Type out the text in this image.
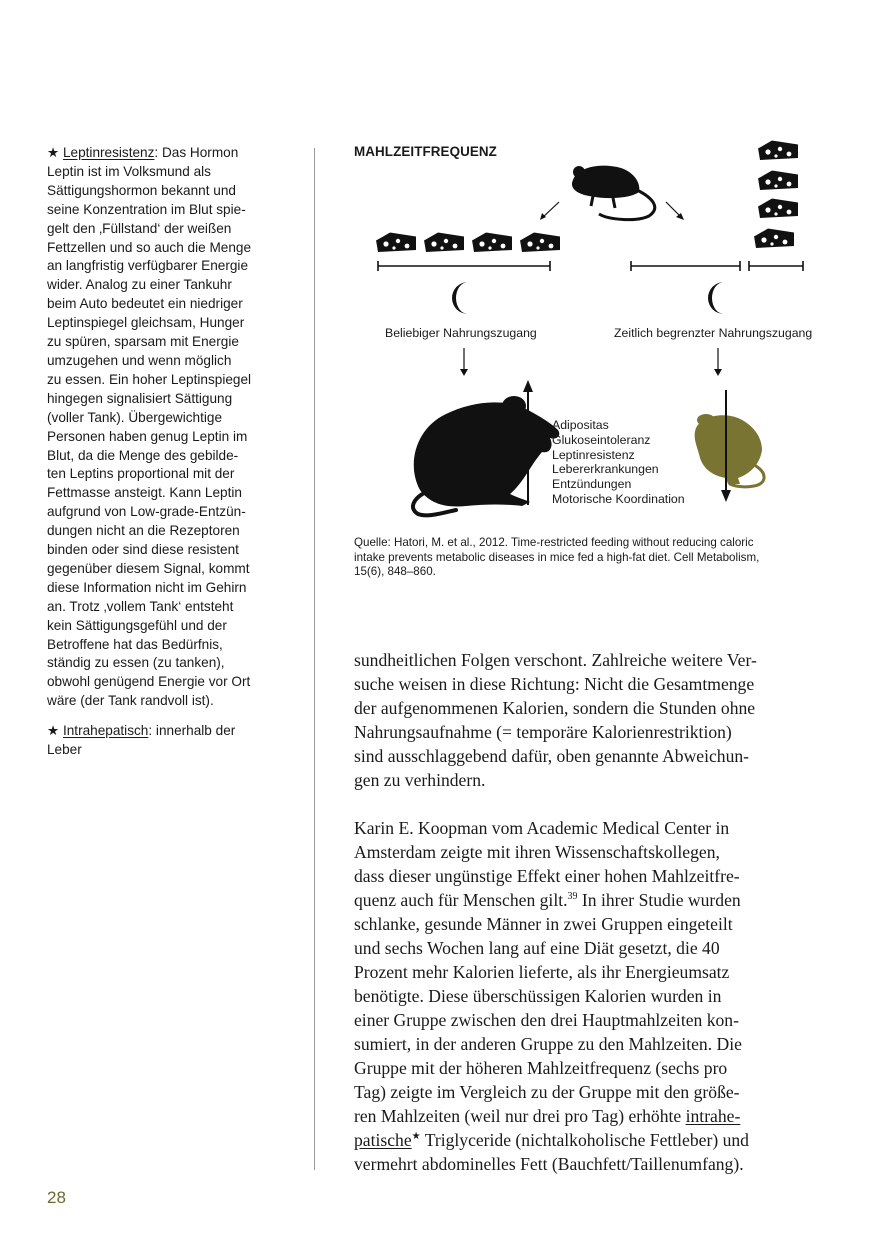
★ Leptinresistenz: Das Hormon
Leptin ist im Volksmund als
Sättigungshormon bekannt und
seine Konzentration im Blut spie-
gelt den ‚Füllstand‘ der weißen
Fettzellen und so auch die Menge
an langfristig verfügbarer Energie
wider. Analog zu einer Tankuhr
beim Auto bedeutet ein niedriger
Leptinspiegel gleichsam, Hunger
zu spüren, sparsam mit Energie
umzugehen und wenn möglich
zu essen. Ein hoher Leptinspiegel
hingegen signalisiert Sättigung
(voller Tank). Übergewichtige
Personen haben genug Leptin im
Blut, da die Menge des gebilde-
ten Leptins proportional mit der
Fettmasse ansteigt. Kann Leptin
aufgrund von Low-grade-Entzün-
dungen nicht an die Rezeptoren
binden oder sind diese resistent
gegenüber diesem Signal, kommt
diese Information nicht im Gehirn
an. Trotz ‚vollem Tank‘ entsteht
kein Sättigungsgefühl und der
Betroffene hat das Bedürfnis,
ständig zu essen (zu tanken),
obwohl genügend Energie vor Ort
wäre (der Tank randvoll ist).

★ Intrahepatisch: innerhalb der
Leber

MAHLZEITFREQUENZ
Beliebiger Nahrungszugang	Zeitlich begrenzter Nahrungszugang
Adipositas
Glukoseintoleranz
Leptinresistenz
Lebererkrankungen
Entzündungen
Motorische Koordination
Quelle: Hatori, M. et al., 2012. Time-restricted feeding without reducing caloric
intake prevents metabolic diseases in mice fed a high-fat diet. Cell Metabolism,
15(6), 848–860.
sundheitlichen Folgen verschont. Zahlreiche weitere Ver-
suche weisen in diese Richtung: Nicht die Gesamtmenge
der aufgenommenen Kalorien, sondern die Stunden ohne
Nahrungsaufnahme (= temporäre Kalorienrestriktion)
sind ausschlaggebend dafür, oben genannte Abweichun-
gen zu verhindern.
Karin E. Koopman vom Academic Medical Center in
Amsterdam zeigte mit ihren Wissenschaftskollegen,
dass dieser ungünstige Effekt einer hohen Mahlzeitfre-
quenz auch für Menschen gilt.$^{39}$ In ihrer Studie wurden
schlanke, gesunde Männer in zwei Gruppen eingeteilt
und sechs Wochen lang auf eine Diät gesetzt, die 40
Prozent mehr Kalorien lieferte, als ihr Energieumsatz
benötigte. Diese überschüssigen Kalorien wurden in
einer Gruppe zwischen den drei Hauptmahlzeiten kon-
sumiert, in der anderen Gruppe zu den Mahlzeiten. Die
Gruppe mit der höheren Mahlzeitfrequenz (sechs pro
Tag) zeigte im Vergleich zu der Gruppe mit den größe-
ren Mahlzeiten (weil nur drei pro Tag) erhöhte intrahe-
patische★ Triglyceride (nichtalkoholische Fettleber) und
vermehrt abdominelles Fett (Bauchfett/Taillenumfang).
28
